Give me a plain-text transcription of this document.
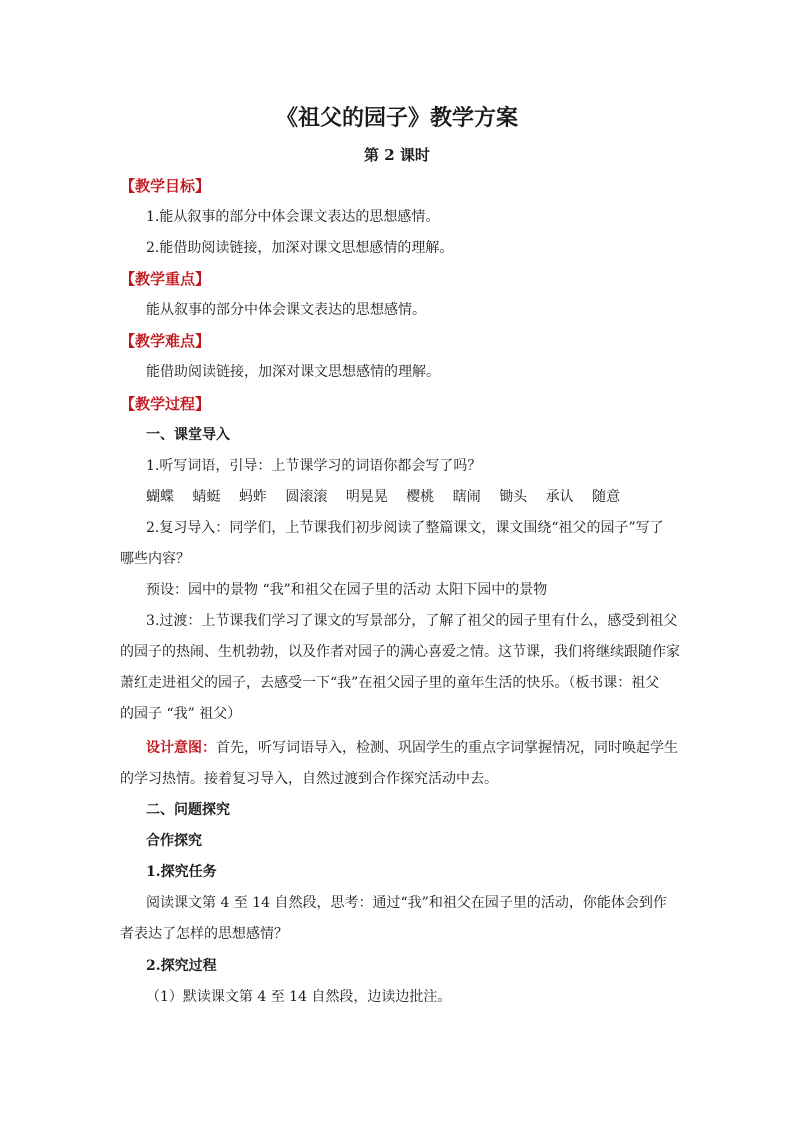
《祖父的园子》教学方案
第 2 课时
【教学目标】
1.能从叙事的部分中体会课文表达的思想感情。
2.能借助阅读链接，加深对课文思想感情的理解。
【教学重点】
能从叙事的部分中体会课文表达的思想感情。
【教学难点】
能借助阅读链接，加深对课文思想感情的理解。
【教学过程】
一、课堂导入
1.听写词语，引导：上节课学习的词语你都会写了吗？
蝴蝶 蜻蜓 蚂蚱 圆滚滚 明晃晃 樱桃 瞎闹 锄头 承认 随意
2.复习导入：同学们，上节课我们初步阅读了整篇课文，课文围绕“祖父的园子”写了
哪些内容？
预设：园中的景物 “我”和祖父在园子里的活动 太阳下园中的景物
3.过渡：上节课我们学习了课文的写景部分，了解了祖父的园子里有什么，感受到祖父
的园子的热闹、生机勃勃，以及作者对园子的满心喜爱之情。这节课，我们将继续跟随作家
萧红走进祖父的园子，去感受一下“我”在祖父园子里的童年生活的快乐。（板书课：祖父
的园子 “我” 祖父）
设计意图：首先，听写词语导入，检测、巩固学生的重点字词掌握情况，同时唤起学生
的学习热情。接着复习导入，自然过渡到合作探究活动中去。
二、问题探究
合作探究
1.探究任务
阅读课文第 4 至 14 自然段，思考：通过“我”和祖父在园子里的活动，你能体会到作
者表达了怎样的思想感情？
2.探究过程
（1）默读课文第 4 至 14 自然段，边读边批注。
